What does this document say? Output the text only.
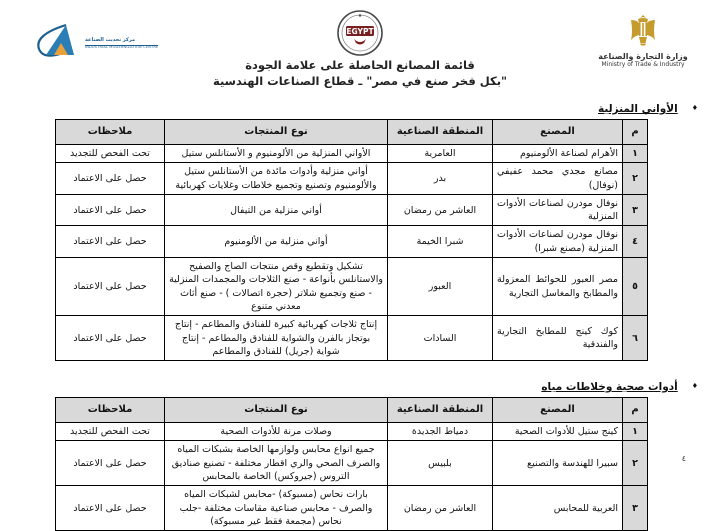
مركز تحديث الصناعة
INDUSTRIAL MODERNIZATION CENTRE
EGYPT
وزارة التجارة والصناعة
Ministry of Trade & Industry
قائمة المصانع الحاصلة على علامة الجودة
"بكل فخر صنع في مصر" ـ قطاع الصناعات الهندسية
♦الأواني المنزلية
م	المصنع	المنطقة الصناعية	نوع المنتجات	ملاحظات
١	الأهرام لصناعة الألومنيوم	العامرية	الأواني المنزلية من الألومنيوم و الأستانلس ستيل	تحت الفحص للتجديد
٢	مصانع مجدي محمد عفيفي (نوفال)	بدر	أواني منزلية وأدوات مائدة من الأستانلس ستيل والألومنيوم وتصنيع وتجميع خلاطات وغلايات كهربائية	حصل على الاعتماد
٣	نوفال مودرن لصناعات الأدوات المنزلية	العاشر من رمضان	أواني منزلية من التيفال	حصل على الاعتماد
٤	نوفال مودرن لصناعات الأدوات المنزلية (مصنع شبرا)	شبرا الخيمة	أواني منزلية من الألومنيوم	حصل على الاعتماد
٥	مصر العبور للحوائط المعزولة والمطابخ والمغاسل التجارية	العبور	تشكيل وتقطيع وقص منتجات الصاج والصفيح والاستانلس بأنواعة - صنع الثلاجات والمجمدات المنزلية - صنع وتجميع شلاتر (حجرة اتصالات ) - صنع أثاث معدني متنوع	حصل على الاعتماد
٦	كوك كينج للمطابخ التجارية والفندقية	السادات	إنتاج ثلاجات كهربائية كبيرة للفنادق والمطاعم - إنتاج بوتجاز بالفرن والشواية للفنادق والمطاعم - إنتاج شواية (جريل) للفنادق والمطاعم	حصل على الاعتماد
♦أدوات صحية وخلاطات مياه
م	المصنع	المنطقة الصناعية	نوع المنتجات	ملاحظات
١	كينج ستيل للأدوات الصحية	دمياط الجديدة	وصلات مرنة للأدوات الصحية	تحت الفحص للتجديد
٢	سبيرا للهندسة والتصنيع	بلبيس	جميع انواع محابس ولوازمها الخاصة بشبكات المياه والصرف الصحي والري اقطار مختلفة - تصنيع صناديق التروس (جيروكس) الخاصة بالمحابس	حصل على الاعتماد
٣	العربية للمحابس	العاشر من رمضان	بارات نحاس (مسبوكة) -محابس لشبكات المياه والصرف - محابس صناعية مقاسات مختلفة -جلب نحاس (مجمعة فقط غير مسبوكة)	حصل على الاعتماد
٤
